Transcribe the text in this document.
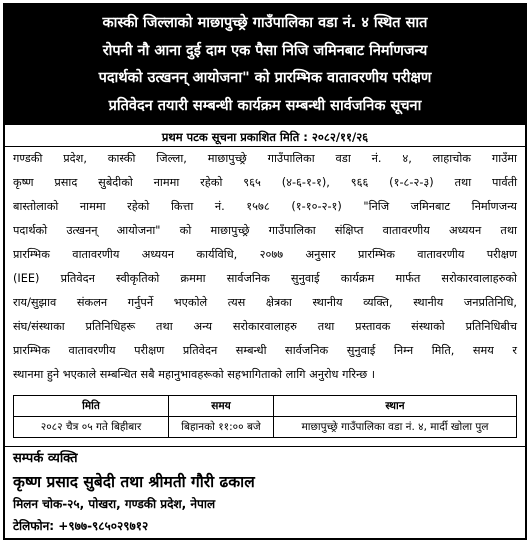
कास्की जिल्लाको माछापुच्छ्रे गाउँपालिका वडा नं. ४ स्थित सात
रोपनी नौ आना दुई दाम एक पैसा निजि जमिनबाट निर्माणजन्य
पदार्थको उत्खनन् आयोजना" को प्रारम्भिक वातावरणीय परीक्षण
प्रतिवेदन तयारी सम्बन्धी कार्यक्रम सम्बन्धी सार्वजनिक सूचना
प्रथम पटक सूचना प्रकाशित मिति : २०८२/११/२६
गण्डकी प्रदेश, कास्की जिल्ला, माछापुच्छ्रे गाउँपालिका वडा नं. ४, लाहाचोक गाउँमा
कृष्ण प्रसाद सुबेदीको नाममा रहेको ९६५ (४-६-१-१), ९६६ (१-८-२-३) तथा पार्वती
बास्तोलाको नाममा रहेको कित्ता नं. १५७८ (१-१०-२-१) "निजि जमिनबाट निर्माणजन्य
पदार्थको उत्खनन् आयोजना" को माछापुच्छ्रे गाउँपालिका संक्षिप्त वातावरणीय अध्ययन तथा
प्रारम्भिक वातावरणीय अध्ययन कार्यविधि, २०७७ अनुसार प्रारम्भिक वातावरणीय परीक्षण
(IEE) प्रतिवेदन स्वीकृतिको क्रममा सार्वजनिक सुनुवाई कार्यक्रम मार्फत सरोकारवालाहरुको
राय/सुझाव संकलन गर्नुपर्ने भएकोले त्यस क्षेत्रका स्थानीय व्यक्ति, स्थानीय जनप्रतिनिधि,
संघ/संस्थाका प्रतिनिधिहरू तथा अन्य सरोकारवालाहरु तथा प्रस्तावक संस्थाको प्रतिनिधिबीच
प्रारम्भिक वातावरणीय परीक्षण प्रतिवेदन सम्बन्धी सार्वजनिक सुनुवाई निम्न मिति, समय र
स्थानमा हुने भएकाले सम्बन्धित सबै महानुभावहरूको सहभागिताको लागि अनुरोध गरिन्छ ।
मिति	समय	स्थान
२०८२ चैत्र ०५ गते बिहीबार	बिहानको ११:०० बजे	माछापुच्छ्रे गाउँपालिका वडा नं. ४, मार्दी खोला पुल
सम्पर्क व्यक्ति
कृष्ण प्रसाद सुबेदी तथा श्रीमती गौरी ढकाल
मिलन चोक-२५, पोखरा, गण्डकी प्रदेश, नेपाल
टेलिफोन: +९७७-९८५०२९७१२
